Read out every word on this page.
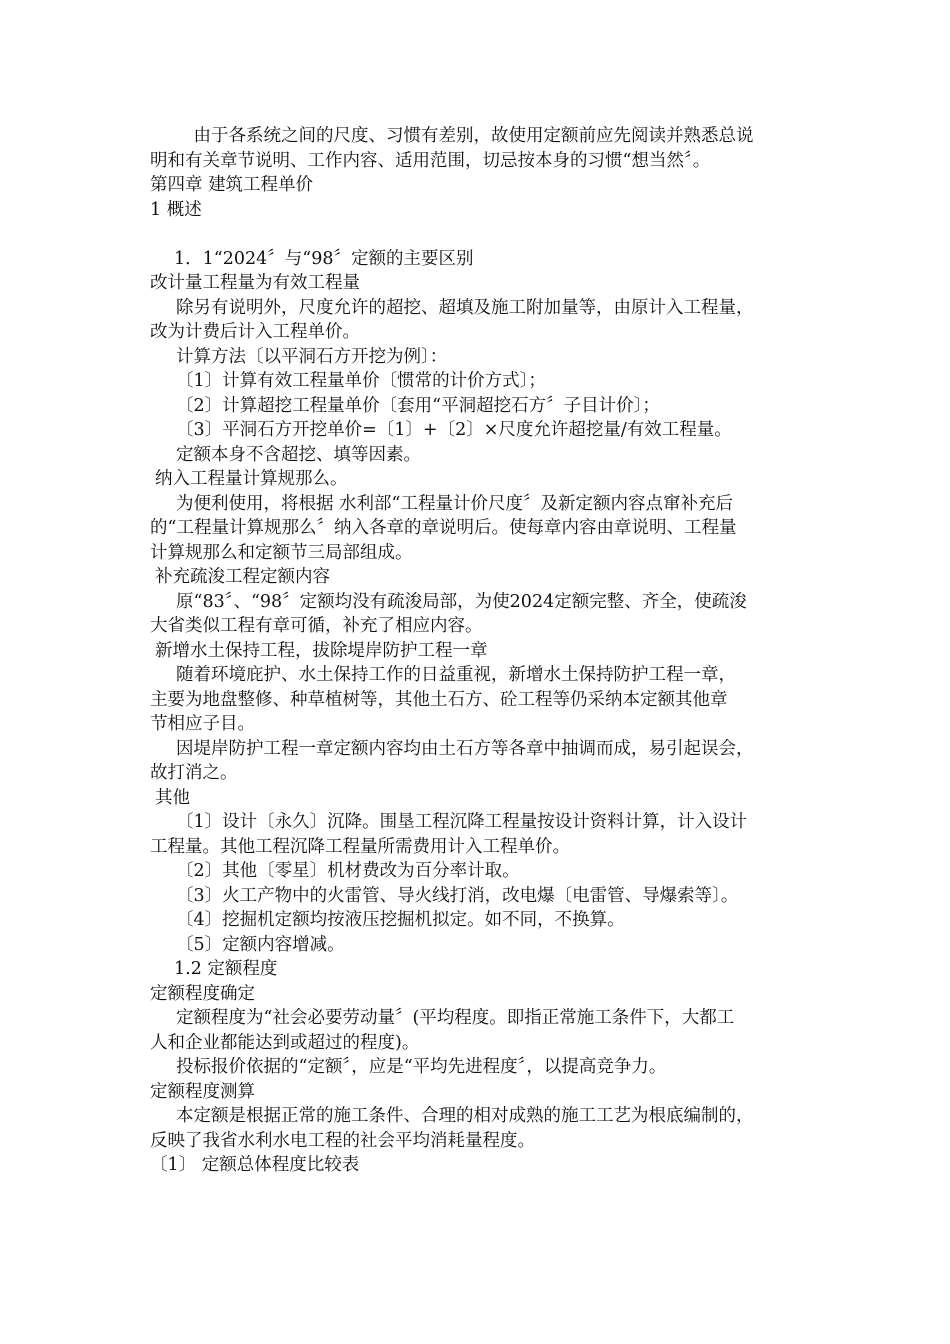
　由于各系统之间的尺度、习惯有差别，故使用定额前应先阅读并熟悉总说
明和有关章节说明、工作内容、适用范围，切忌按本身的习惯“想当然〞。
第四章 建筑工程单价
1 概述
1．1“2024〞与“98〞定额的主要区别
改计量工程量为有效工程量
除另有说明外，尺度允许的超挖、超填及施工附加量等，由原计入工程量，
改为计费后计入工程单价。
计算方法〔以平洞石方开挖为例〕：
〔1〕计算有效工程量单价〔惯常的计价方式〕；
〔2〕计算超挖工程量单价〔套用“平洞超挖石方〞子目计价〕；
〔3〕平洞石方开挖单价=〔1〕+〔2〕×尺度允许超挖量/有效工程量。
定额本身不含超挖、填等因素。
纳入工程量计算规那么。
为便利使用，将根据 水利部“工程量计价尺度〞及新定额内容点窜补充后
的“工程量计算规那么〞纳入各章的章说明后。使每章内容由章说明、工程量
计算规那么和定额节三局部组成。
补充疏浚工程定额内容
原“83〞、“98〞定额均没有疏浚局部，为使2024定额完整、齐全，使疏浚
大省类似工程有章可循，补充了相应内容。
新增水土保持工程，拔除堤岸防护工程一章
随着环境庇护、水土保持工作的日益重视，新增水土保持防护工程一章，
主要为地盘整修、种草植树等，其他土石方、砼工程等仍采纳本定额其他章
节相应子目。
因堤岸防护工程一章定额内容均由土石方等各章中抽调而成，易引起误会，
故打消之。
其他
〔1〕设计〔永久〕沉降。围垦工程沉降工程量按设计资料计算，计入设计
工程量。其他工程沉降工程量所需费用计入工程单价。
〔2〕其他〔零星〕机材费改为百分率计取。
〔3〕火工产物中的火雷管、导火线打消，改电爆〔电雷管、导爆索等〕。
〔4〕挖掘机定额均按液压挖掘机拟定。如不同，不换算。
〔5〕定额内容增减。
1.2 定额程度
定额程度确定
定额程度为“社会必要劳动量〞(平均程度。即指正常施工条件下，大都工
人和企业都能达到或超过的程度)。
投标报价依据的“定额〞，应是“平均先进程度〞，以提高竞争力。
定额程度测算
本定额是根据正常的施工条件、合理的相对成熟的施工工艺为根底编制的，
反映了我省水利水电工程的社会平均消耗量程度。
〔1〕 定额总体程度比较表
